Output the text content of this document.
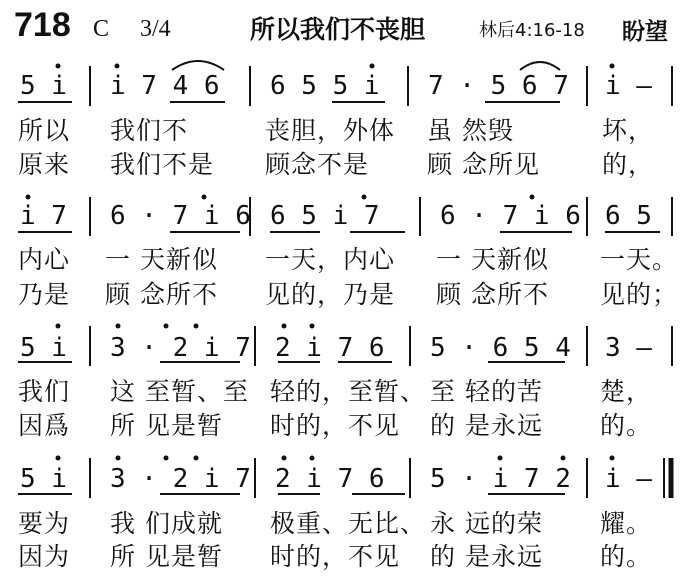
718 C 3/4	所以我们不丧胆	林后4:16-18 盼望
5 i i 7 4 6 6 5 5 i 7 · 5 6 7 i —
所以 我们不	丧胆，外体 虽 然毁	坏，
原来 我们不是 顾念不是 顾 念所见 的，
i 7 6 · 7 i 6 6 5 i 7 6 · 7 i 6 6 5
内心 一 天新似 一天，内心 一 天新似 一天。
乃是 顾 念所不 见的，乃是 顾 念所不 见的；
5 i 3 · 2 i 7 2 i 7 6 5 · 6 5 4 3 —
我们 这 至暂、至 轻的，至暂、 至 轻的苦 楚，
因爲 所 见是暂 时的，不见 的 是永远 的。
5 i 3 · 2 i 7 2 i 7 6 5 · i 7 2 i —
要为 我 们成就 极重、无比、 永 远的荣 耀。
因为 所 见是暂 时的，不见 的 是永远 的。
